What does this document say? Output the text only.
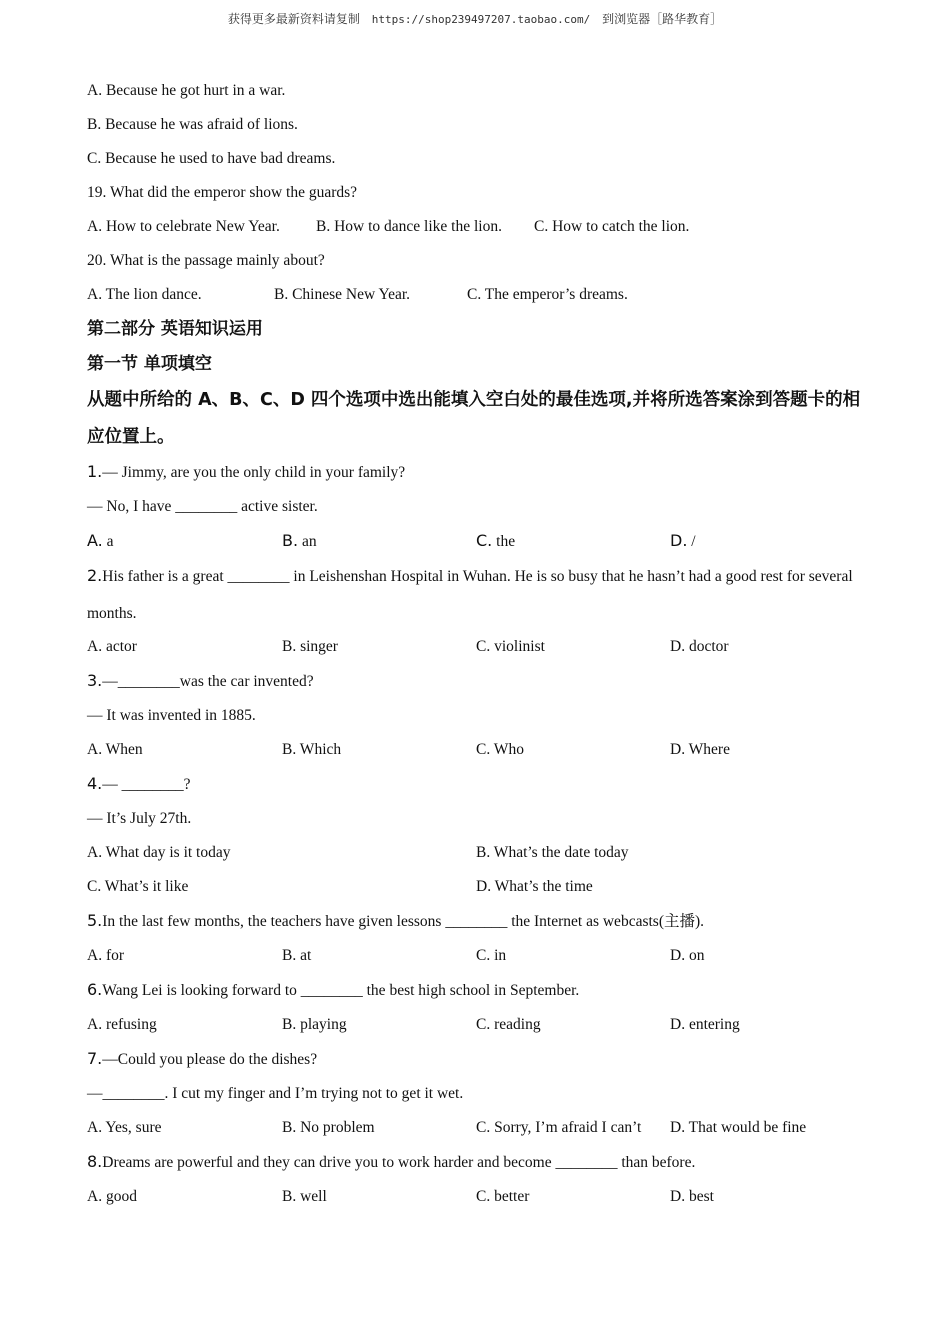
获得更多最新资料请复制 https://shop239497207.taobao.com/ 到浏览器［路华教育］
A. Because he got hurt in a war.
B. Because he was afraid of lions.
C. Because he used to have bad dreams.
19. What did the emperor show the guards?
A. How to celebrate New Year. B. How to dance like the lion. C. How to catch the lion.
20. What is the passage mainly about?
A. The lion dance.	B. Chinese New Year.	C. The emperor’s dreams.
第二部分 英语知识运用
第一节 单项填空
从题中所给的 A、B、C、D 四个选项中选出能填入空白处的最佳选项,并将所选答案涂到答题卡的相应位置上。
1.— Jimmy, are you the only child in your family?
— No, I have ________ active sister.
A. a	B. an	C. the	D. /
2.His father is a great ________ in Leishenshan Hospital in Wuhan. He is so busy that he hasn’t had a good rest for several months.
A. actor	B. singer	C. violinist	D. doctor
3.—________was the car invented?
— It was invented in 1885.
A. When	B. Which	C. Who	D. Where
4.— ________?
— It’s July 27th.
A. What day is it today	B. What’s the date today
C. What’s it like	D. What’s the time
5.In the last few months, the teachers have given lessons ________ the Internet as webcasts(主播).
A. for	B. at	C. in	D. on
6.Wang Lei is looking forward to ________ the best high school in September.
A. refusing	B. playing	C. reading	D. entering
7.—Could you please do the dishes?
—________. I cut my finger and I’m trying not to get it wet.
A. Yes, sure	B. No problem	C. Sorry, I’m afraid I can’t D. That would be fine
8.Dreams are powerful and they can drive you to work harder and become ________ than before.
A. good	B. well	C. better	D. best
